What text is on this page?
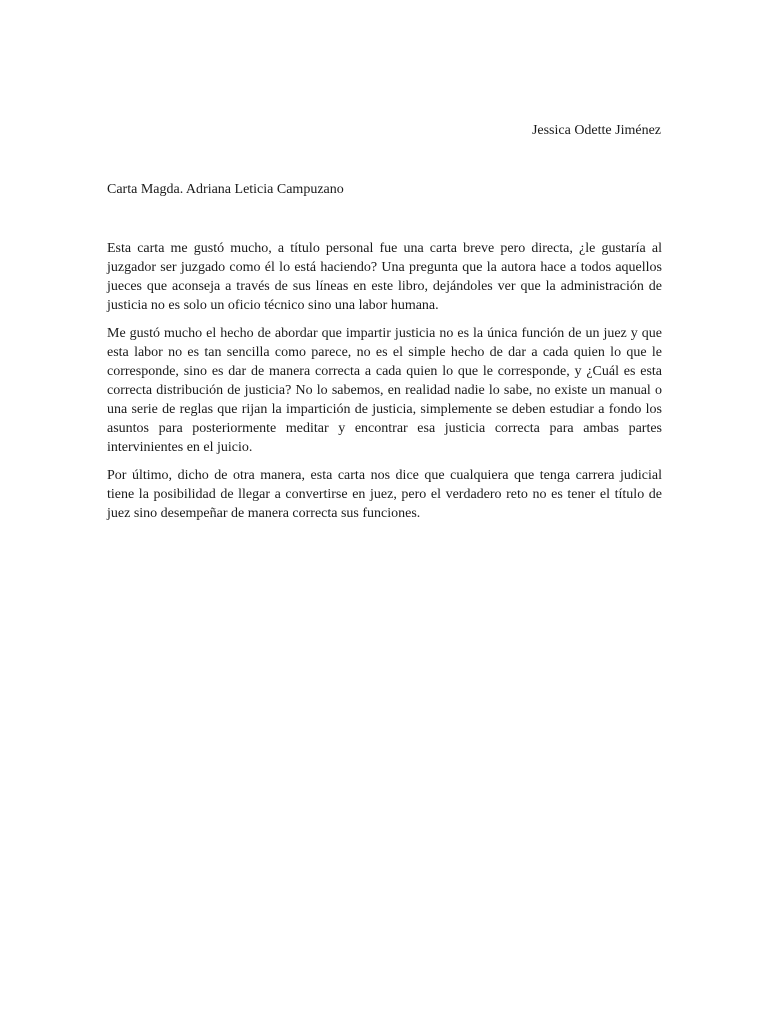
Jessica Odette Jiménez
Carta Magda. Adriana Leticia Campuzano

Esta carta me gustó mucho, a título personal fue una carta breve pero directa, ¿le gustaría al juzgador ser juzgado como él lo está haciendo? Una pregunta que la autora hace a todos aquellos jueces que aconseja a través de sus líneas en este libro, dejándoles ver que la administración de justicia no es solo un oficio técnico sino una labor humana.

Me gustó mucho el hecho de abordar que impartir justicia no es la única función de un juez y que esta labor no es tan sencilla como parece, no es el simple hecho de dar a cada quien lo que le corresponde, sino es dar de manera correcta a cada quien lo que le corresponde, y ¿Cuál es esta correcta distribución de justicia? No lo sabemos, en realidad nadie lo sabe, no existe un manual o una serie de reglas que rijan la impartición de justicia, simplemente se deben estudiar a fondo los asuntos para posteriormente meditar y encontrar esa justicia correcta para ambas partes intervinientes en el juicio.

Por último, dicho de otra manera, esta carta nos dice que cualquiera que tenga carrera judicial tiene la posibilidad de llegar a convertirse en juez, pero el verdadero reto no es tener el título de juez sino desempeñar de manera correcta sus funciones.
